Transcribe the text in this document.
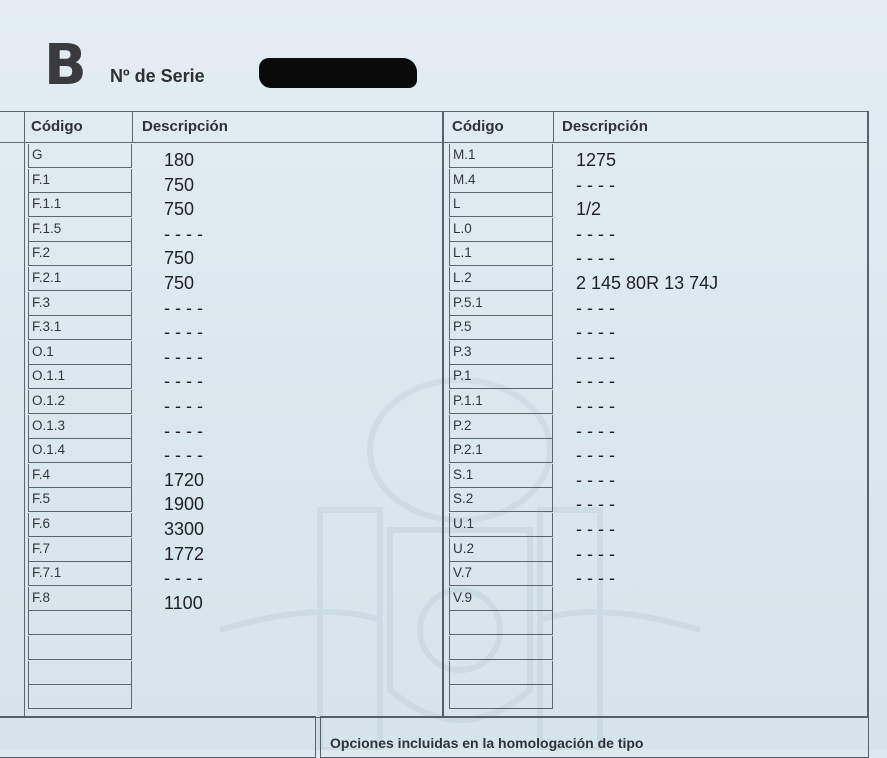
B Nº de Serie
Código	Descripción	Código	Descripción
G	180
F.1	750
F.1.1	750
F.1.5	- - - -
F.2	750
F.2.1	750
F.3	- - - -
F.3.1	- - - -
O.1	- - - -
O.1.1	- - - -
O.1.2	- - - -
O.1.3	- - - -
O.1.4	- - - -
F.4	1720
F.5	1900
F.6	3300
F.7	1772
F.7.1	- - - -
F.8	1100
M.1	1275
M.4	- - - -
L	1/2
L.0	- - - -
L.1	- - - -
L.2	2 145 80R 13 74J
P.5.1	- - - -
P.5	- - - -
P.3	- - - -
P.1	- - - -
P.1.1	- - - -
P.2	- - - -
P.2.1	- - - -
S.1	- - - -
S.2	- - - -
U.1	- - - -
U.2	- - - -
V.7	- - - -
V.9
Opciones incluidas en la homologación de tipo
